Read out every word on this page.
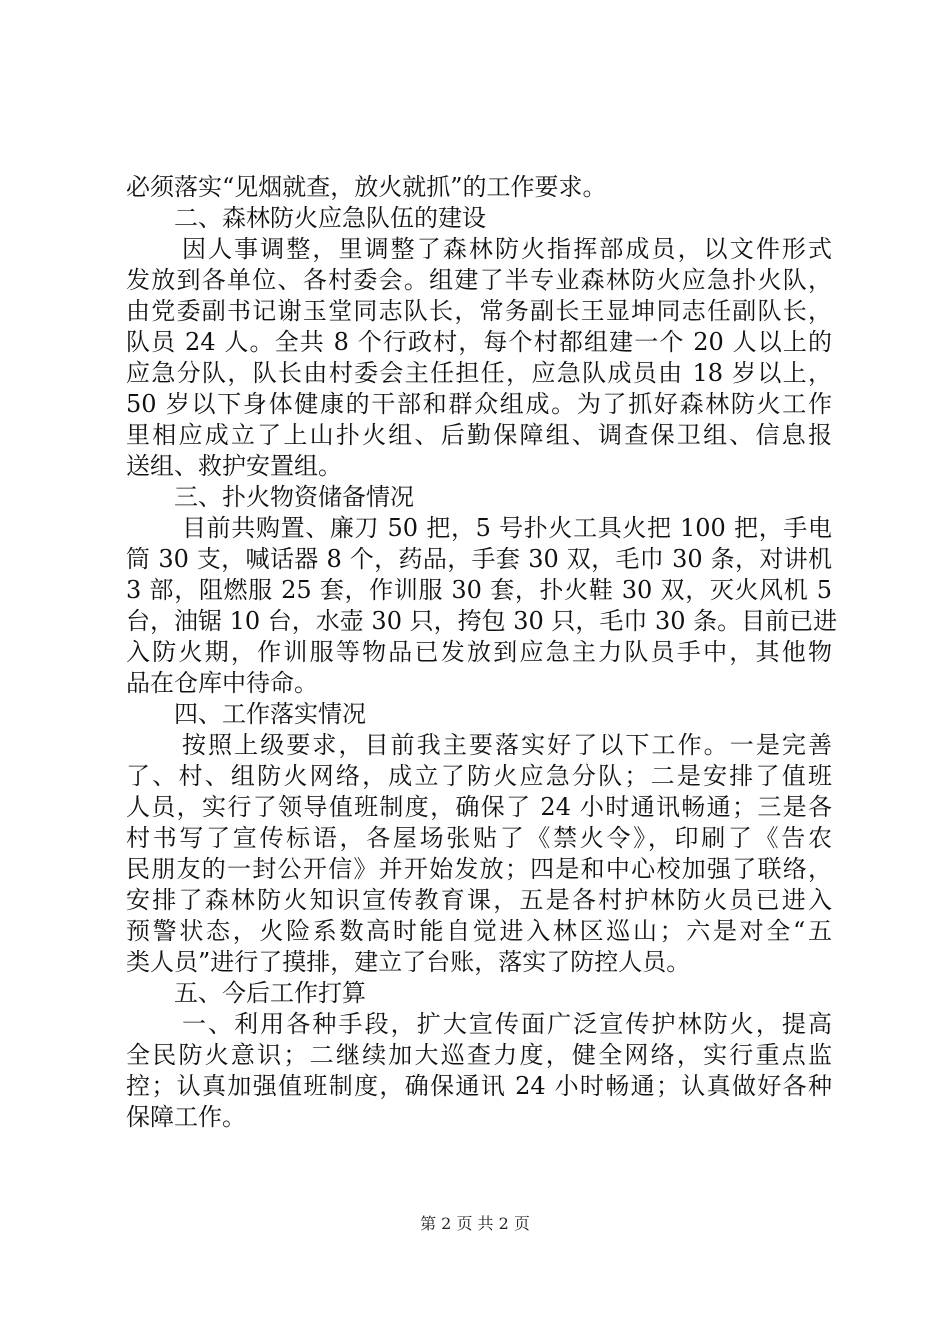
必须落实“见烟就查，放火就抓”的工作要求。
二、森林防火应急队伍的建设
因人事调整，里调整了森林防火指挥部成员，以文件形式
发放到各单位、各村委会。组建了半专业森林防火应急扑火队，
由党委副书记谢玉堂同志队长，常务副长王显坤同志任副队长，
队员 24 人。全共 8 个行政村，每个村都组建一个 20 人以上的
应急分队，队长由村委会主任担任，应急队成员由 18 岁以上，
50 岁以下身体健康的干部和群众组成。为了抓好森林防火工作
里相应成立了上山扑火组、后勤保障组、调查保卫组、信息报
送组、救护安置组。
三、扑火物资储备情况
目前共购置、廉刀 50 把，5 号扑火工具火把 100 把，手电
筒 30 支，喊话器 8 个，药品，手套 30 双，毛巾 30 条，对讲机
3 部，阻燃服 25 套，作训服 30 套，扑火鞋 30 双，灭火风机 5
台，油锯 10 台，水壶 30 只，挎包 30 只，毛巾 30 条。目前已进
入防火期，作训服等物品已发放到应急主力队员手中，其他物
品在仓库中待命。
四、工作落实情况
按照上级要求，目前我主要落实好了以下工作。一是完善
了、村、组防火网络，成立了防火应急分队；二是安排了值班
人员，实行了领导值班制度，确保了 24 小时通讯畅通；三是各
村书写了宣传标语，各屋场张贴了《禁火令》，印刷了《告农
民朋友的一封公开信》并开始发放；四是和中心校加强了联络，
安排了森林防火知识宣传教育课，五是各村护林防火员已进入
预警状态，火险系数高时能自觉进入林区巡山；六是对全“五
类人员”进行了摸排，建立了台账，落实了防控人员。
五、今后工作打算
一、利用各种手段，扩大宣传面广泛宣传护林防火，提高
全民防火意识；二继续加大巡查力度，健全网络，实行重点监
控；认真加强值班制度，确保通讯 24 小时畅通；认真做好各种
保障工作。
第 2 页 共 2 页
